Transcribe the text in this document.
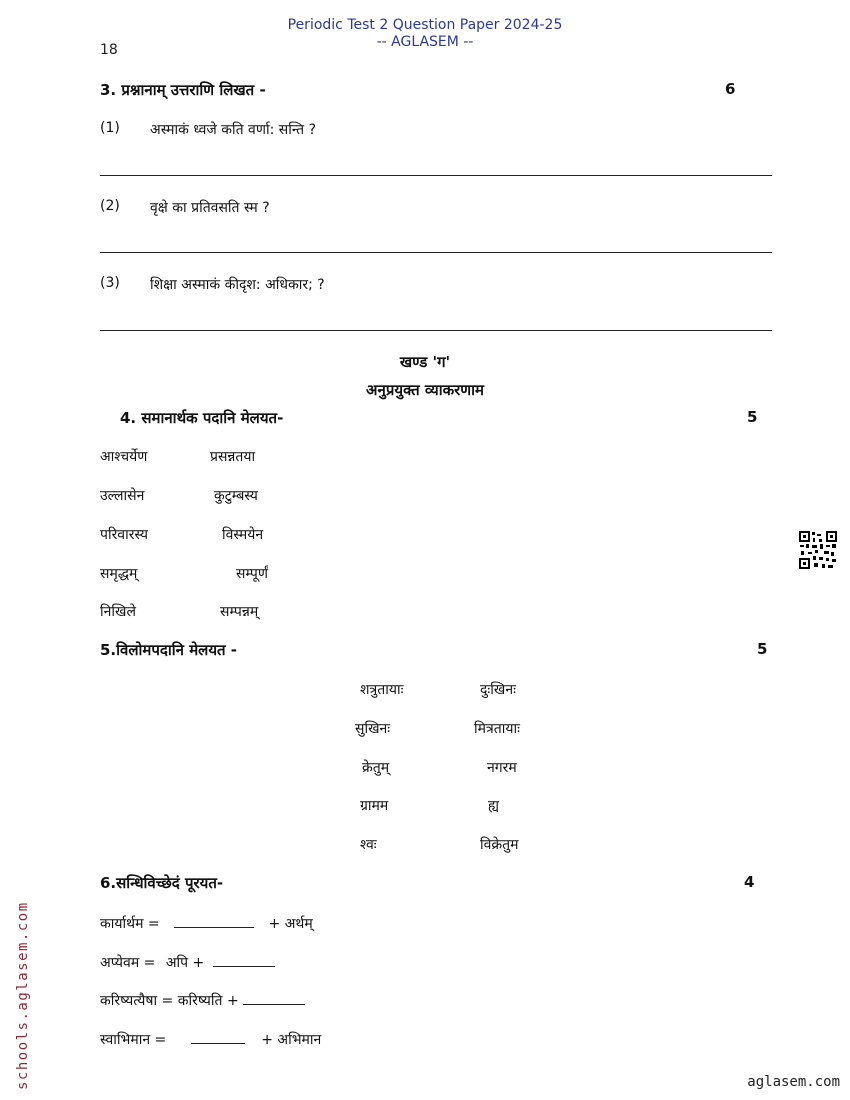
Periodic Test 2 Question Paper 2024-25
-- AGLASEM --
18
3. प्रश्नानाम् उत्तराणि लिखत -	6
(1) अस्माकं ध्वजे कति वर्णा: सन्ति ?
(2) वृक्षे का प्रतिवसति स्म ?
(3) शिक्षा अस्माकं कीदृश: अधिकार; ?
खण्ड 'ग'
अनुप्रयुक्त व्याकरणाम
4. समानार्थक पदानि मेलयत-	5
आश्चर्येण	प्रसन्नतया
उल्लासेन	कुटुम्बस्य
परिवारस्य	विस्मयेन
समृद्धम्	सम्पूर्णं
निखिले	सम्पन्नम्
5.विलोमपदानि मेलयत -	5
शत्रुतायाः	दुःखिनः
सुखिनः	मित्रतायाः
क्रेतुम्	नगरम
ग्रामम	ह्य
श्वः	विक्रेतुम
6.सन्धिविच्छेदं पूरयत-	4
कार्यार्थम =	+ अर्थम्
अप्येवम = अपि +
करिष्यत्यैषा = करिष्यति +
स्वाभिमान =	+ अभिमान
schools.aglasem.com	aglasem.com
